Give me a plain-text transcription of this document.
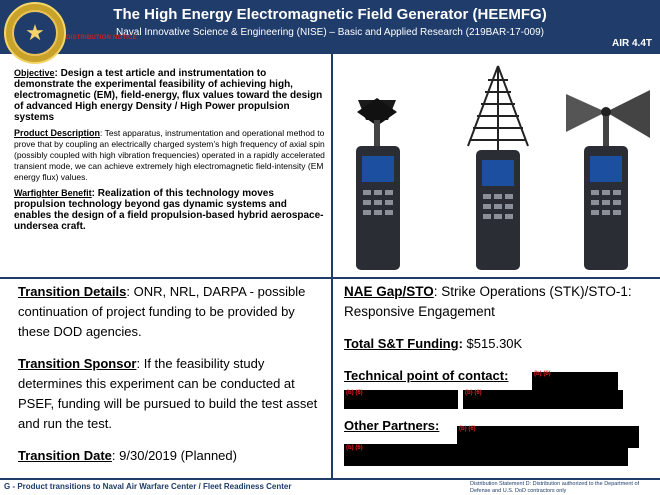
The High Energy Electromagnetic Field Generator (HEEMFG)
Naval Innovative Science & Engineering (NISE) – Basic and Applied Research (219BAR-17-009)
AIR 4.4T
DISTRIBUTION NOTICE
★

Objective: Design a test article and instrumentation to demonstrate the experimental feasibility of achieving high, electromagnetic (EM), field-energy, flux values toward the design of advanced High energy Density / High Power propulsion systems

Product Description: Test apparatus, instrumentation and operational method to prove that by coupling an electrically charged system’s high frequency of axial spin (possibly coupled with high vibration frequencies) operated in a rapidly accelerated transient mode, we can achieve extremely high electromagnetic field-intensity (EM energy flux) values.

Warfighter Benefit: Realization of this technology moves propulsion technology beyond gas dynamic systems and enables the design of a field propulsion-based hybrid aerospace-undersea craft.

Transition Details: ONR, NRL, DARPA - possible continuation of project funding to be provided by these DOD agencies.
Transition Sponsor: If the feasibility study determines this experiment can be conducted at PSEF, funding will be pursued to build the test asset and run the test.
Transition Date: 9/30/2019 (Planned)
NAE Gap/STO: Strike Operations (STK)/STO-1: Responsive Engagement
Total S&T Funding: $515.30K
Technical point of contact:
Other Partners:
(b) (6)
(b) (6)	(b) (6)
(b) (6)
(b) (6)
G - Product transitions to Naval Air Warfare Center / Fleet Readiness Center	Distribution Statement D: Distribution authorized to the Department of Defense and U.S. DoD contractors only
